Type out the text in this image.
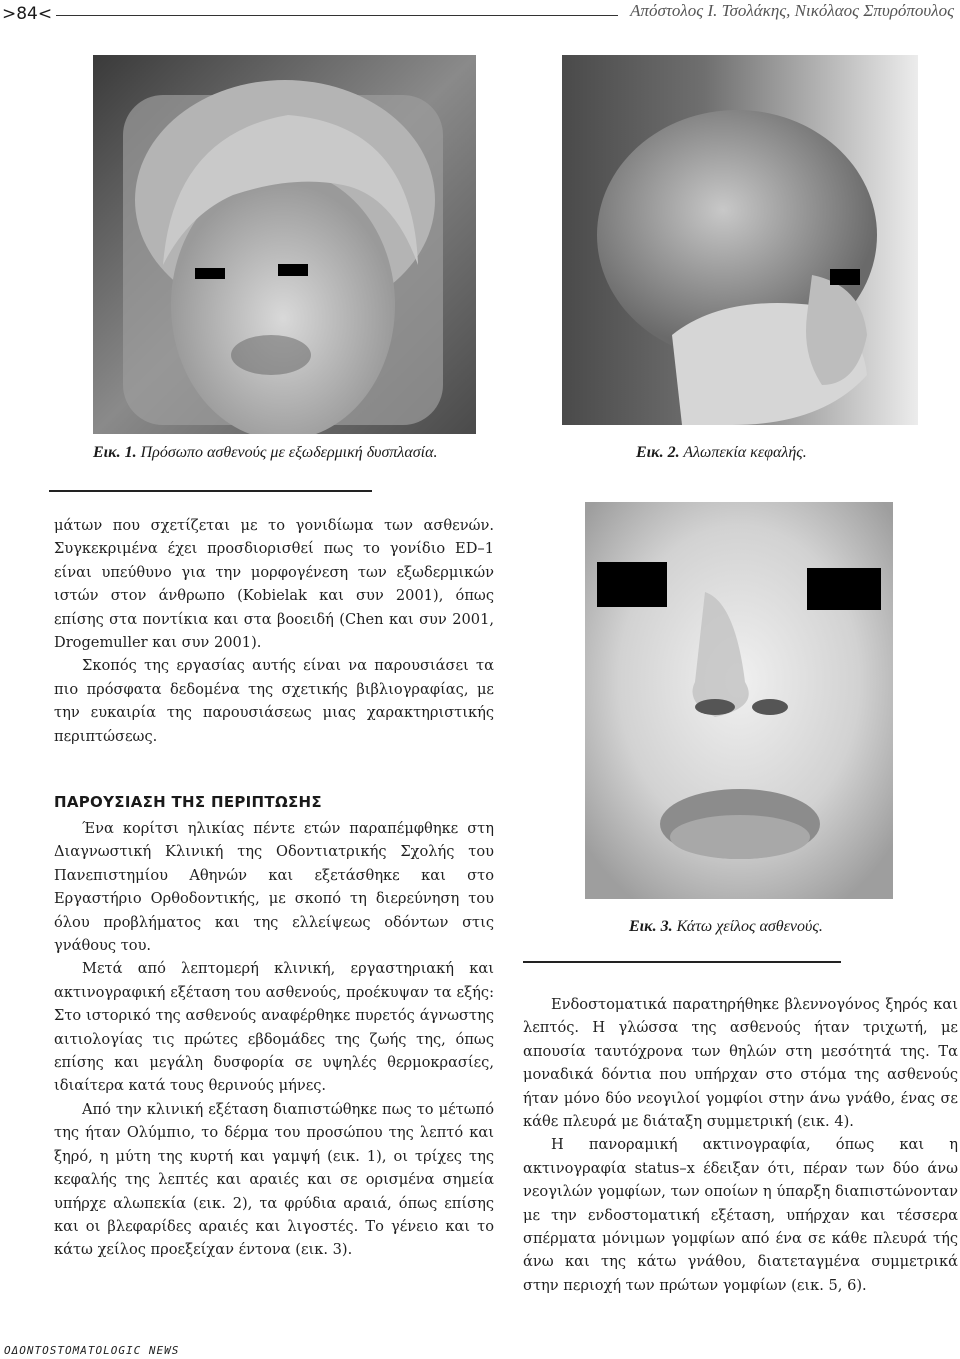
>84<	Απόστολος Ι. Τσολάκης, Νικόλαος Σπυρόπουλος
Εικ. 1. Πρόσωπο ασθενούς με εξωδερμική δυσπλασία.	Εικ. 2. Αλωπεκία κεφαλής.
Εικ. 3. Κάτω χείλος ασθενούς.

μάτων που σχετίζεται με το γονιδίωμα των ασθενών. Συγκεκριμένα έχει προσδιορισθεί πως το γονίδιο ED–1 είναι υπεύθυνο για την μορφογένεση των εξωδερμικών ιστών στον άνθρωπο (Kobielak και συν 2001), όπως επίσης στα ποντίκια και στα βοοειδή (Chen και συν 2001, Drogemuller και συν 2001).

Σκοπός της εργασίας αυτής είναι να παρουσιάσει τα πιο πρόσφατα δεδομένα της σχετικής βιβλιογραφίας, με την ευκαιρία της παρουσιάσεως μιας χαρακτηριστικής περιπτώσεως.

ΠΑΡΟΥΣΙΑΣΗ ΤΗΣ ΠΕΡΙΠΤΩΣΗΣ

Ένα κορίτσι ηλικίας πέντε ετών παραπέμφθηκε στη Διαγνωστική Κλινική της Οδοντιατρικής Σχολής του Πανεπιστημίου Αθηνών και εξετάσθηκε και στο Εργαστήριο Ορθοδοντικής, με σκοπό τη διερεύνηση του όλου προβλήματος και της ελλείψεως οδόντων στις γνάθους του.

Μετά από λεπτομερή κλινική, εργαστηριακή και ακτινογραφική εξέταση του ασθενούς, προέκυψαν τα εξής: Στο ιστορικό της ασθενούς αναφέρθηκε πυρετός άγνωστης αιτιολογίας τις πρώτες εβδομάδες της ζωής της, όπως επίσης και μεγάλη δυσφορία σε υψηλές θερμοκρασίες, ιδιαίτερα κατά τους θερινούς μήνες.

Από την κλινική εξέταση διαπιστώθηκε πως το μέτωπό της ήταν Ολύμπιο, το δέρμα του προσώπου της λεπτό και ξηρό, η μύτη της κυρτή και γαμψή (εικ. 1), οι τρίχες της κεφαλής της λεπτές και αραιές και σε ορισμένα σημεία υπήρχε αλωπεκία (εικ. 2), τα φρύδια αραιά, όπως επίσης και οι βλεφαρίδες αραιές και λιγοστές. Το γένειο και το κάτω χείλος προεξείχαν έντονα (εικ. 3).

Ενδοστοματικά παρατηρήθηκε βλεννογόνος ξηρός και λεπτός. Η γλώσσα της ασθενούς ήταν τριχωτή, με απουσία ταυτόχρονα των θηλών στη μεσότητά της. Τα μοναδικά δόντια που υπήρχαν στο στόμα της ασθενούς ήταν μόνο δύο νεογιλοί γομφίοι στην άνω γνάθο, ένας σε κάθε πλευρά με διάταξη συμμετρική (εικ. 4).

Η πανοραμική ακτινογραφία, όπως και η ακτινογραφία status–x έδειξαν ότι, πέραν των δύο άνω νεογιλών γομφίων, των οποίων η ύπαρξη διαπιστώνονταν με την ενδοστοματική εξέταση, υπήρχαν και τέσσερα σπέρματα μόνιμων γομφίων από ένα σε κάθε πλευρά τής άνω και της κάτω γνάθου, διατεταγμένα συμμετρικά στην περιοχή των πρώτων γομφίων (εικ. 5, 6).

ΟΔΟΝΤΟSTOMATOLOGIC NEWS
